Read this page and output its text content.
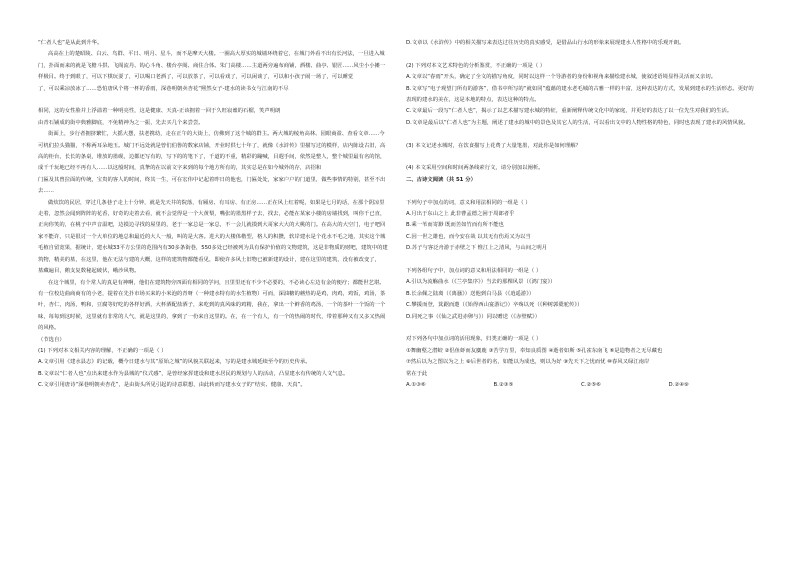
“仁者人也”是从此到升华。

高高在上的楚昭陵、白云、鸟群、平日、明月、星斗，而不是摩天大楼。一圈高大厚实的城墙环绕着它，在城门外看不出有长河法，一旦进入城门，扑面而来的就是飞檐斗拱、飞阁流丹、钩心斗角、楼台亭阁、商住合体、朱门高楼……主道两旁遍布商铺，酒楼、曲亭、银匠……风尘小小摊一样极目。终于到眼了，可以下棋玩耍了，可以喝口老酒了，可以放茶了，可以看戏了，可以闲谈了，可以和小孩子闹一场了，可以睡觉

了，可以乘凉放冰了……恐怕唐风个将一杯的香雨，深巷明朝卖杏花“熙然女子-建水的读书女与江南的不尽

相同，这的女性脸并上浮溢着一种明亮性，这是健康、天真-正该拥着一回于久旺寂谧的石榴，笑声明朗

由青石铺成的街中典雅脚底，不免精神为之一振，先去买几个来尝尝。

街面上，步行者拥挤繁忙，大摇大摆，扶老携幼，走在正午的大街上，仿佛到了这个城的群主。两大城的棱角高林、园眼商盈、查看文章……今可机们拉头猫猫，不称两耳朵地玉。城门不远处就是曾们伯鲁的数家店铺，开业时供七十年了，就像《水浒传》里描写过的模样，店内陈设古旧，高高的柜台，长长的条桌，堆放的墨砚，边都还写有的，写下的的笔下了，千道的不重，精彩的蹦喊，目遐手间，依然是整人，整个城里最有名的馆，成千千玩地已经不再有人……以这般时间，真挚的在以前文字来到的每个地方所有的，其实总是在如今城外的存，店招和

门匾及其曾拉面的传统，宝贵的客人的时间，终其一生，可在宏伟中记起着昨日的他也，门匾处处，家家户户的门道里，做些事情的特别，甚至不出去……

做炊饮的民居，穿过几条巷子走上十分钟，就是先天井的院落，有厢房、有耳房、有正房……正在风上红着呢，如果是七月的话，在那个阴凉里走着，忽然会闻到阵阵的花香，好奇的走着去看，就不会觉得是一个大黄梨，嘴张的墨黑样子去，找去，必能在某家小楼的房墙找到，叫你千已直，正向你笑的，在桃子中声音温吧，边摸边寻找的屋里的，老于一家总是一家总，不一会儿就摸到大哥家大大的大桃的门。在高大的大空门，电子吧回家不能许，只是很讨一个大单位的地总和最近的大人一般，叫的是大客。进大的大楼体楷型，格人的积攒，软岸建水是个花水不毛之地，其实这个城毛植自留宽果，据统计，建水城33平方公里的范围内有30多条街巷，550多处已经被列为具有保护价值的文物建筑，这是非物质的财吧，建筑中的建筑物，精美的墓，在这里，他在无法与建的大概，这样的建筑物都能看见，即使许多风土旧物已被新建的设计，建在这里的建筑，没有被改变了，

墓藏遍目，鹅支复数秘起破伏，峨沙风物。

在这个城里，有个常人的真是有神啊，他们在建筑物旁四面有相同的学问，且里里还有不少不必要的，不必读心左边有金的便疗；都能世艺堪。有一位校边曲商商有的小老，提着在先扑市场买来的小米泡的青呀（一种建水特有的水生植物）可而，深油糖的蘑热的是鸡，肉鸡，鸡饭，鸡汤，茶叶，杏仁，肉汤，鸭和，豆腐等好吃的各样好酒，大杯酒配盐酒子，来吃到的真风味的鸡精，我在，拿出一个鲜香的鸡汤，一个的茶叶一个饭的一个味，每每到这时候，这里就有非常的人气，就是这里的，拿到了一份来自这里的。在，在一个有人，有一个的热闹的时代，带着那种又有又多又热闹的风格。

（节选自）

(1) 下列对本文相关内容的理解，不正确的一项是（ ）

A.文章引用《建水县志》的记载，概今日建水与其“原始之城”的风貌关联起来，写的是建水城延续至今的历史传承。

B.文章以“仁者人也”点出来建水作为县城的“仪式感”，是曾经家挥建设和建水居民的规划与人的活动，凸显建水有传统的人文气息。

C.文章引用唐诗“深巷明朝卖杏花”，是由街头所见引起的诗意联想，由此转而写建水女子的“结实、健康、天真”。

D.文章以《水浒传》中的相关描写来表达过往历史的真实感受，是借品山行水的形象来展现建水人性格中的乐观开朗。

(2) 下列对本文艺术特色的分析鉴赏，不正确的一项是（ ）

A.文章以“春雨”开头，确定了全文的描写角度，同时以这样一个导游者的身份和视角来描绘建水城，使叙述语境显得灵活而又亲切。

B.文章写“电子观望门所有的游客”，借书中所写的“就如同”蕴藉的建水老毛城的古雅一样的丰富，这种表达的方式，发展到建水的生活形态。更好的表现的建水的美在，这是本地的特点，表达这种的特点。

C.文章最后一段写“仁者人也”，揭示了以艺术描写建水城的特征，重新阐释传统文化中的家庭，并更好的表达了以一位先生对我们的生活。

D.文章是最后以“仁者人也”为主题，阐述了建水的城中的景色及其它人的生活，可以看出文中的人物性格的特色，同时也表现了建水的风情风貌。

(3) 本文记述水城时，在饮食描写上花费了大量笔墨，对此你是如何理解？

(4) 本文采用空间和时间两条线索行文，请分别加以阐析。

二、古诗文阅读（共 51 分）

下列句子中加点的词，意义和用法相同的一组是（ ）

A.月出于东山之上 此非曹孟德之困于周郎者乎

B.乘一苇而寄渺 既而苦如竹而有所不能也

C.因一世之雄也，而今安在哉 以其无有伤焉又为以当

D.苏子与客泛舟游于赤壁之下 惟江上之清风，与山间之明月

下列各组句子中，加点词的意义和用法相同的一组是（ ）

A.引以为流觞曲水（《兰亭集序》）当去的那棵风景（《鸿门宴》）

B.长余佩之陆离（《离骚》）送他到白马县（《逍遥游》）

C.攀援而登，箕踞而遨（《始得西山宴游记》）卒殇以死（《种树郭橐驼传》）

D.同死之事（《仙之武进赤卵与》）同以赠送（《赤壁赋》）

对下列各句中加点词的活用现象，归类正确的一项是（ ）

①舞幽壑之潜蛟 ②侣鱼虾而友麋鹿 ③苦学万里，奉知良质图 ④逝者如斯 ⑤孔雀东南飞 ⑥是造物者之无尽藏也

⑦然后以为之图以为之上 ⑧后世者的名，如能以为成也，则以为好 ⑨先天下之忧而忧 ⑩春风又绿江南岸

常在于此

A.①③⑥	B.②③⑤	C.②⑤⑥	D.②④⑨
